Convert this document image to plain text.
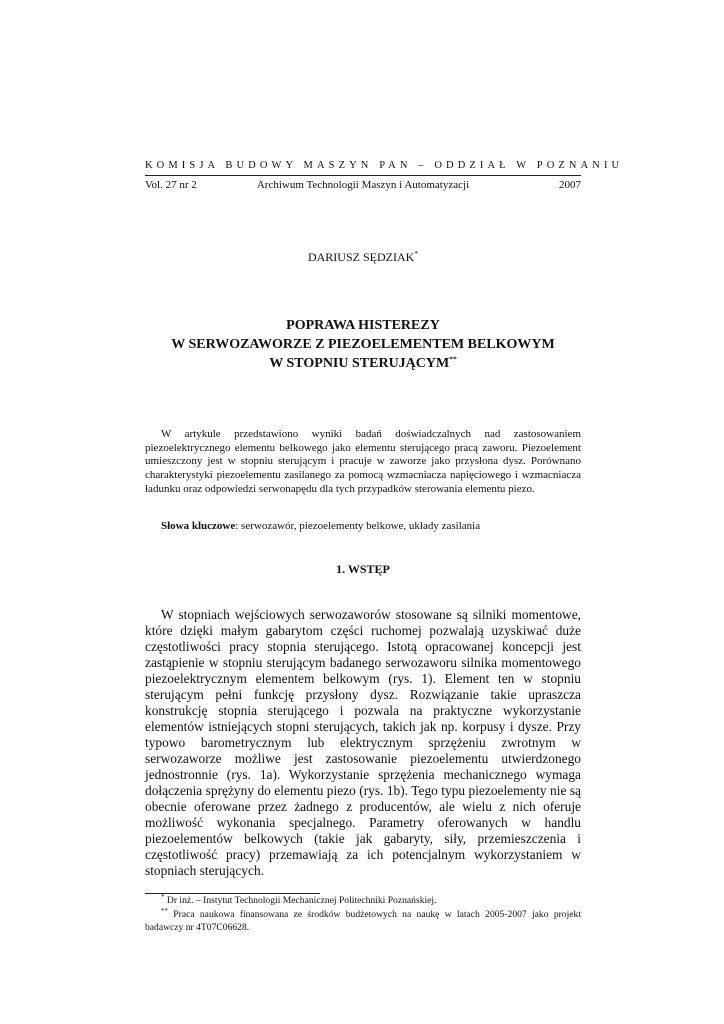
KOMISJA BUDOWY MASZYN PAN – ODDZIAŁ W POZNANIU
Vol. 27 nr 2	Archiwum Technologii Maszyn i Automatyzacji	2007
DARIUSZ SĘDZIAK*
POPRAWA HISTEREZY
W SERWOZAWORZE Z PIEZOELEMENTEM BELKOWYM
W STOPNIU STERUJĄCYM**
W artykule przedstawiono wyniki badań doświadczalnych nad zastosowaniem piezoelektrycznego elementu belkowego jako elementu sterującego pracą zaworu. Piezoelement umieszczony jest w stopniu sterującym i pracuje w zaworze jako przysłona dysz. Porównano charakterystyki piezoelementu zasilanego za pomocą wzmacniacza napięciowego i wzmacniacza ładunku oraz odpowiedzi serwonapędu dla tych przypadków sterowania elementu piezo.
Słowa kluczowe: serwozawór, piezoelementy belkowe, układy zasilania
1. WSTĘP
W stopniach wejściowych serwozaworów stosowane są silniki momentowe, które dzięki małym gabarytom części ruchomej pozwalają uzyskiwać duże częstotliwości pracy stopnia sterującego. Istotą opracowanej koncepcji jest zastąpienie w stopniu sterującym badanego serwozaworu silnika momentowego piezoelektrycznym elementem belkowym (rys. 1). Element ten w stopniu sterującym pełni funkcję przysłony dysz. Rozwiązanie takie upraszcza konstrukcję stopnia sterującego i pozwala na praktyczne wykorzystanie elementów istniejących stopni sterujących, takich jak np. korpusy i dysze. Przy typowo barometrycznym lub elektrycznym sprzężeniu zwrotnym w serwozaworze możliwe jest zastosowanie piezoelementu utwierdzonego jednostronnie (rys. 1a). Wykorzystanie sprzężenia mechanicznego wymaga dołączenia sprężyny do elementu piezo (rys. 1b). Tego typu piezoelementy nie są obecnie oferowane przez żadnego z producentów, ale wielu z nich oferuje możliwość wykonania specjalnego. Parametry oferowanych w handlu piezoelementów belkowych (takie jak gabaryty, siły, przemieszczenia i częstotliwość pracy) przemawiają za ich potencjalnym wykorzystaniem w stopniach sterujących.
* Dr inż. – Instytut Technologii Mechanicznej Politechniki Poznańskiej.
** Praca naukowa finansowana ze środków budżetowych na naukę w latach 2005-2007 jako projekt badawczy nr 4T07C06628.
